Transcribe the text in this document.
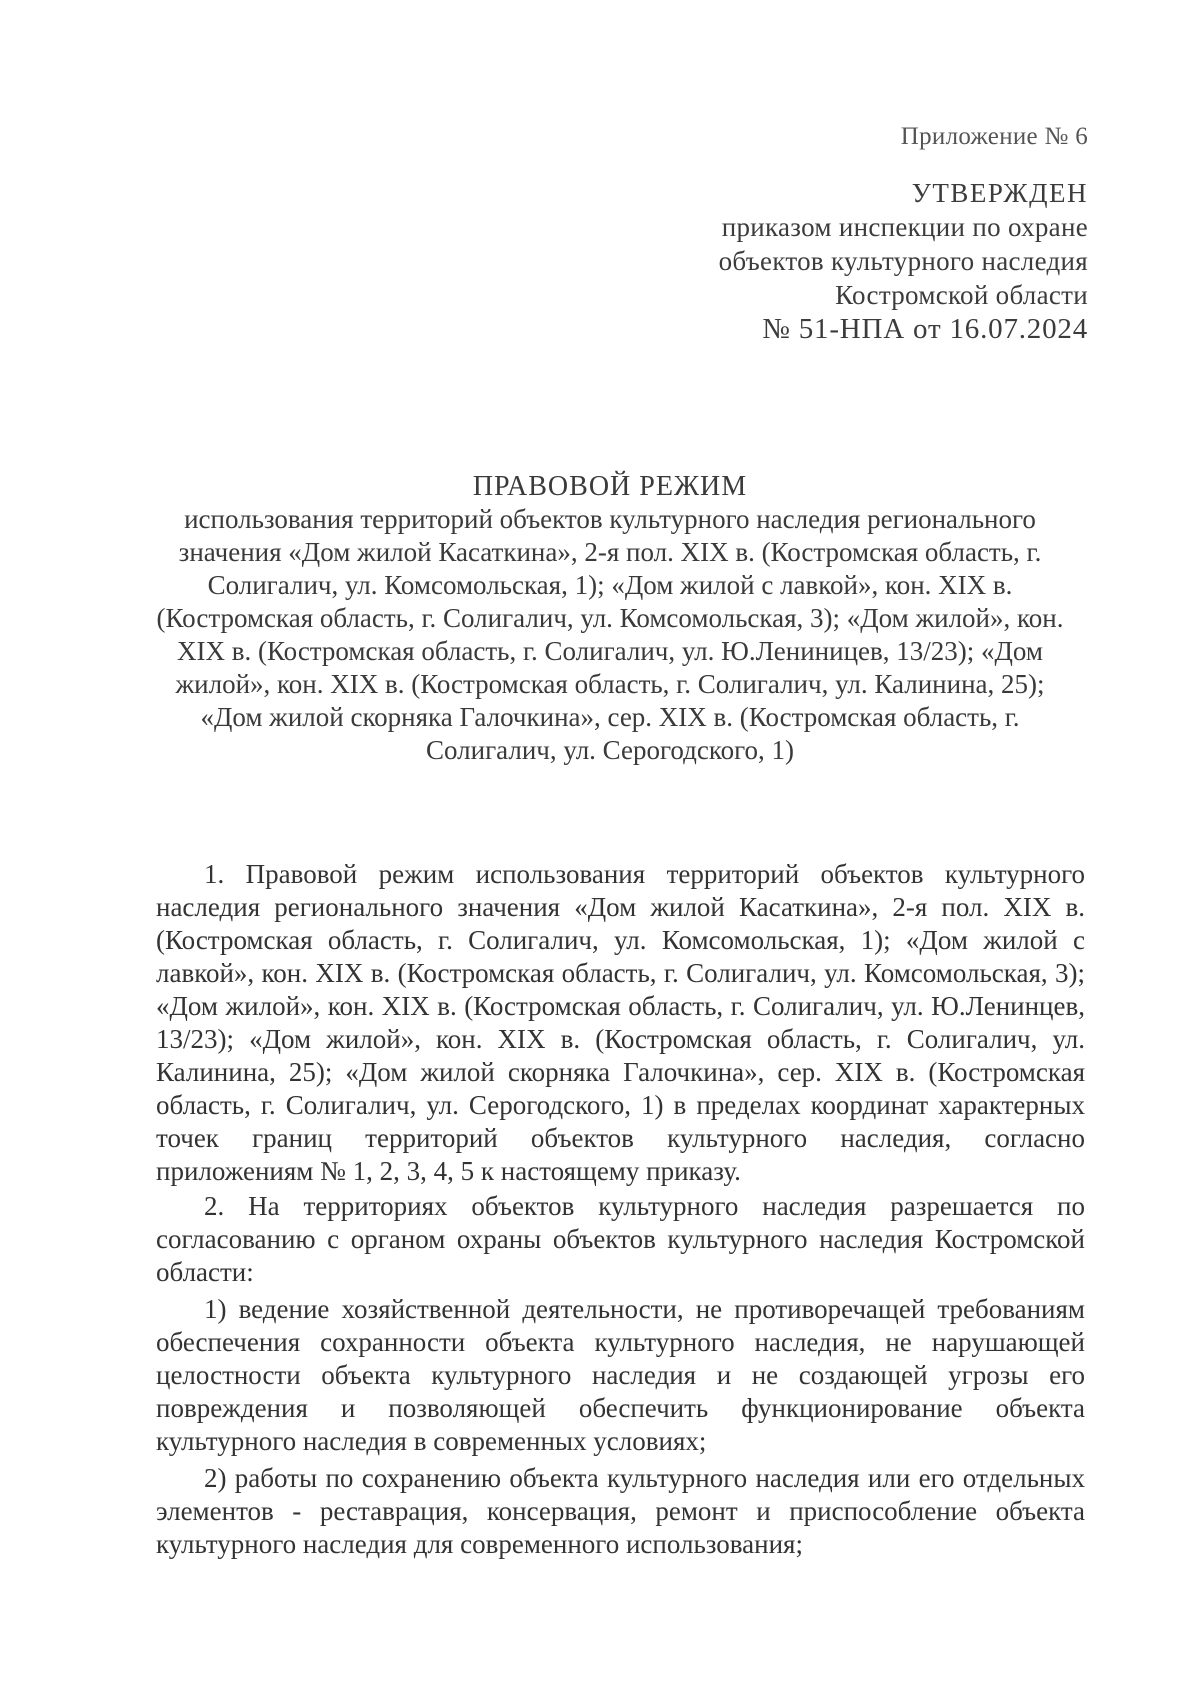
Приложение № 6
УТВЕРЖДЕН
приказом инспекции по охране
объектов культурного наследия
Костромской области
№ 51-НПА от 16.07.2024
ПРАВОВОЙ РЕЖИМ
использования территорий объектов культурного наследия регионального значения «Дом жилой Касаткина», 2-я пол. XIX в. (Костромская область, г. Солигалич, ул. Комсомольская, 1); «Дом жилой с лавкой», кон. XIX в. (Костромская область, г. Солигалич, ул. Комсомольская, 3); «Дом жилой», кон. XIX в. (Костромская область, г. Солигалич, ул. Ю.Лениницев, 13/23); «Дом жилой», кон. XIX в. (Костромская область, г. Солигалич, ул. Калинина, 25); «Дом жилой скорняка Галочкина», сер. XIX в. (Костромская область, г. Солигалич, ул. Серогодского, 1)

1. Правовой режим использования территорий объектов культурного наследия регионального значения «Дом жилой Касаткина», 2-я пол. XIX в. (Костромская область, г. Солигалич, ул. Комсомольская, 1); «Дом жилой с лавкой», кон. XIX в. (Костромская область, г. Солигалич, ул. Комсомольская, 3); «Дом жилой», кон. XIX в. (Костромская область, г. Солигалич, ул. Ю.Ленинцев, 13/23); «Дом жилой», кон. XIX в. (Костромская область, г. Солигалич, ул. Калинина, 25); «Дом жилой скорняка Галочкина», сер. XIX в. (Костромская область, г. Солигалич, ул. Серогодского, 1) в пределах координат характерных точек границ территорий объектов культурного наследия, согласно приложениям № 1, 2, 3, 4, 5 к настоящему приказу.

2. На территориях объектов культурного наследия разрешается по согласованию с органом охраны объектов культурного наследия Костромской области:

1) ведение хозяйственной деятельности, не противоречащей требованиям обеспечения сохранности объекта культурного наследия, не нарушающей целостности объекта культурного наследия и не создающей угрозы его повреждения и позволяющей обеспечить функционирование объекта культурного наследия в современных условиях;

2) работы по сохранению объекта культурного наследия или его отдельных элементов - реставрация, консервация, ремонт и приспособление объекта культурного наследия для современного использования;
